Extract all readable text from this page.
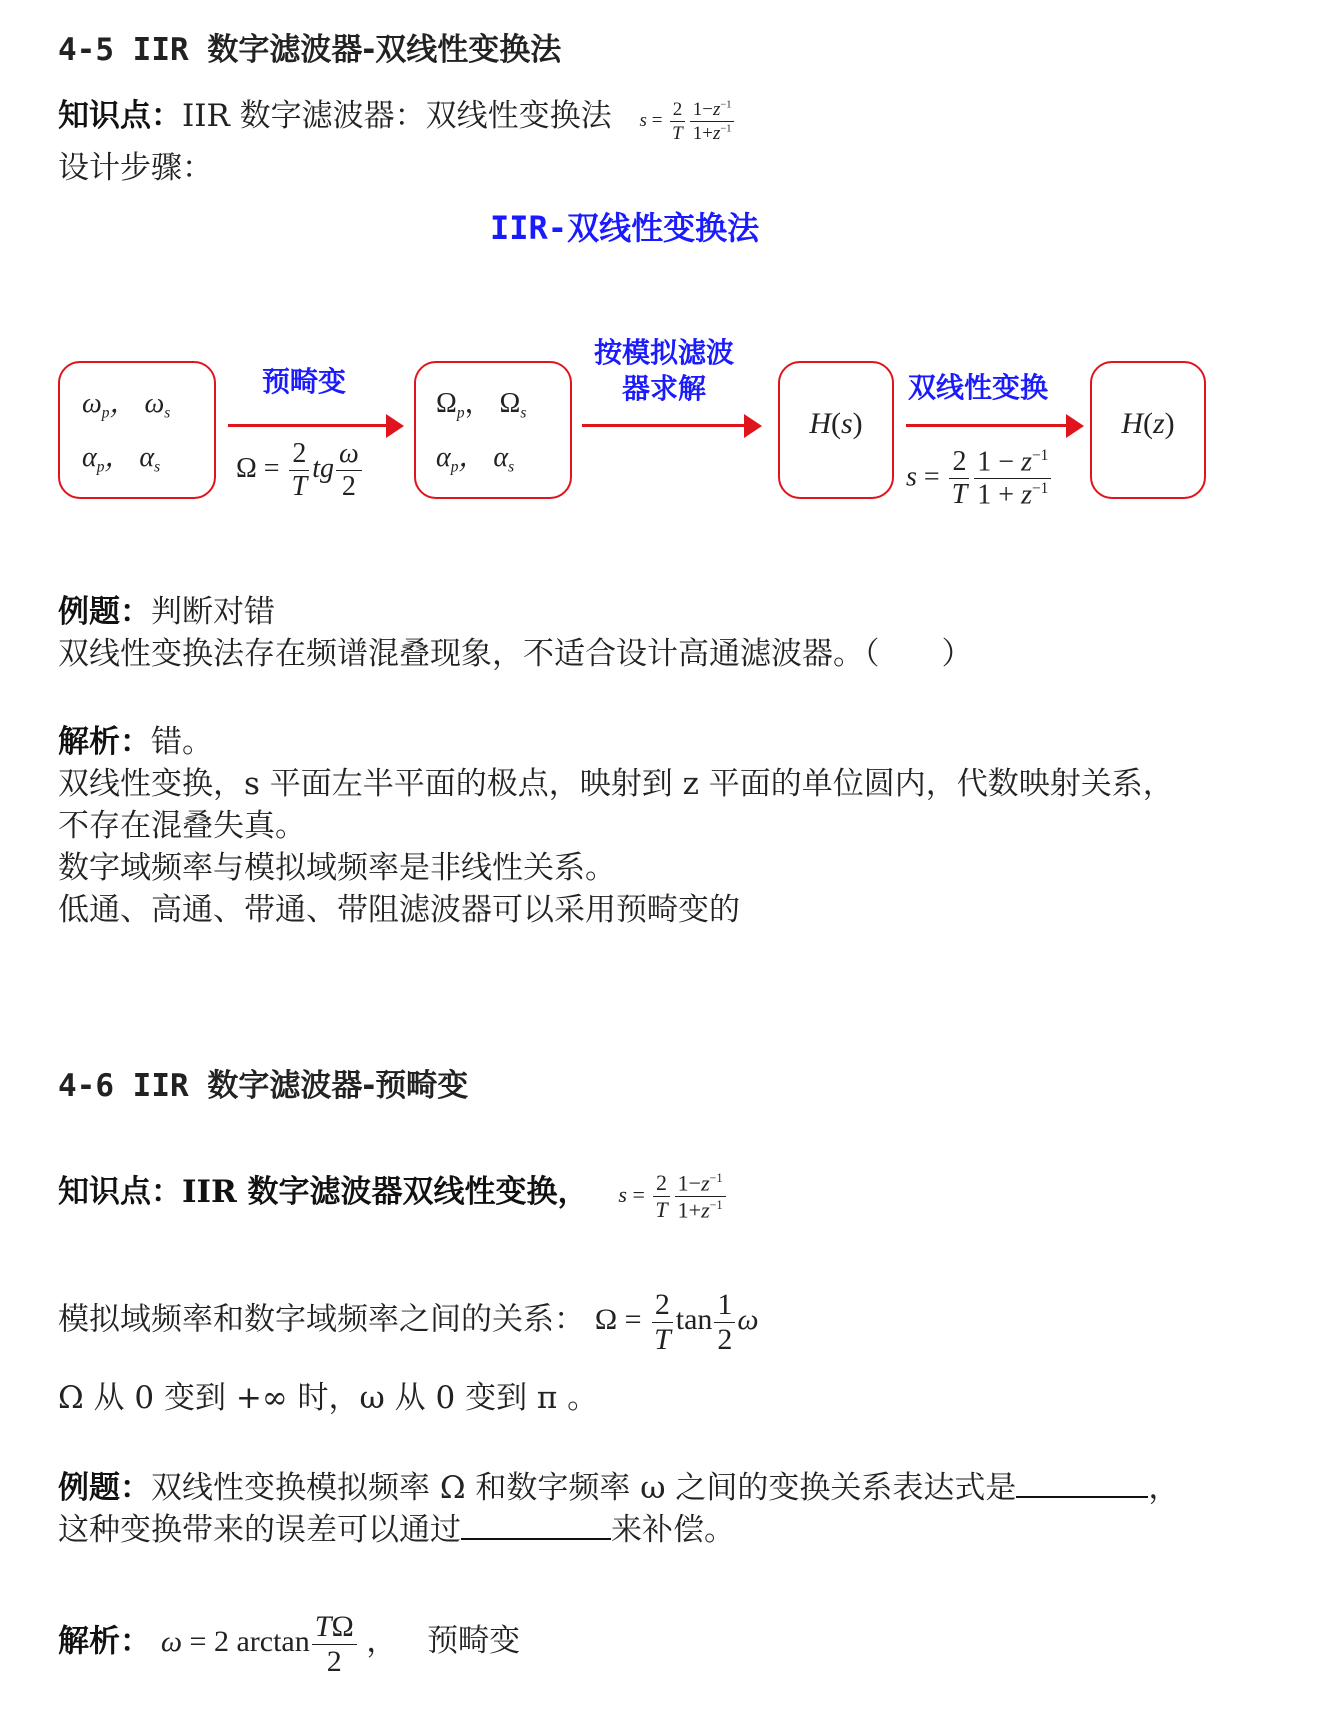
4-5 IIR 数字滤波器-双线性变换法
知识点：IIR 数字滤波器：双线性变换法 $s = \frac{2}{T} \frac{1-z^{-1}}{1+z^{-1}}$
设计步骤：
IIR-双线性变换法
$\omega_p$， $\omega_s$
$\alpha_p$， $\alpha_s$
预畸变
$\Omega = \frac{2}{T}$ tg $\frac{\omega}{2}$
$\Omega_p$， $\Omega_s$
$\alpha_p$， $\alpha_s$
按模拟滤波
器求解
H(s)
双线性变换
$s = \frac{2}{T} \frac{1 - z^{-1}}{1 + z^{-1}}$
H(z)
例题：判断对错
双线性变换法存在频谱混叠现象，不适合设计高通滤波器。（　　）
解析：错。
双线性变换，s 平面左半平面的极点，映射到 z 平面的单位圆内，代数映射关系，
不存在混叠失真。
数字域频率与模拟域频率是非线性关系。
低通、高通、带通、带阻滤波器可以采用预畸变的
4-6 IIR 数字滤波器-预畸变
知识点：IIR 数字滤波器双线性变换， $s = \frac{2}{T} \frac{1-z^{-1}}{1+z^{-1}}$
模拟域频率和数字域频率之间的关系： $\Omega = \frac{2}{T}$ $\tan \frac{1}{2}$ ω
Ω 从 0 变到 +∞ 时，ω 从 0 变到 π 。
例题：双线性变换模拟频率 Ω 和数字频率 ω 之间的变换关系表达式是	，
这种变换带来的误差可以通过	来补偿。
解析： ω = 2 $\arctan \frac{T\Omega}{2}$ ， 预畸变
